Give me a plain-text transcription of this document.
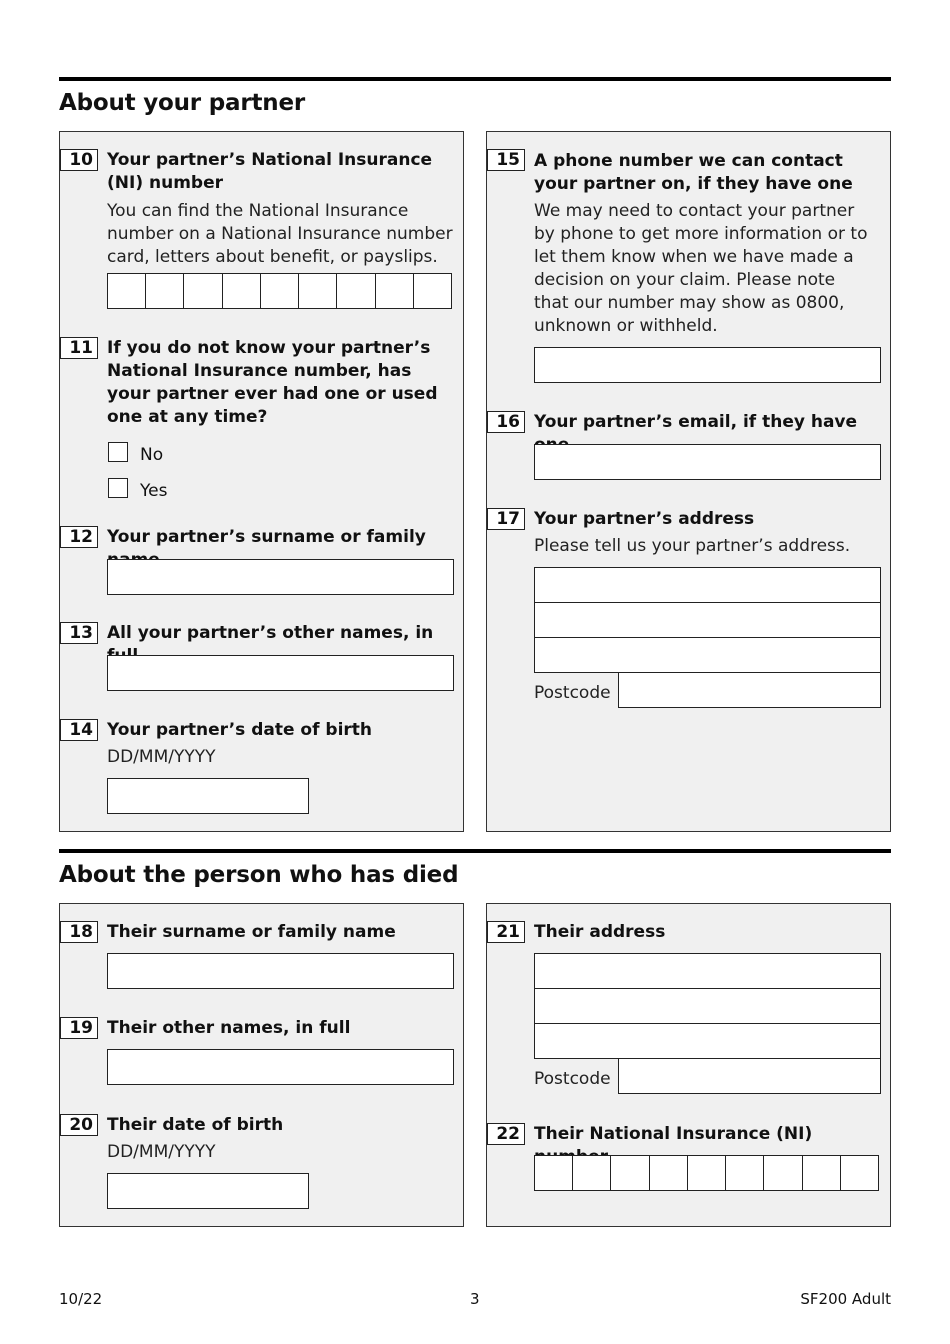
About your partner
10 Your partner’s National Insurance (NI) number

You can find the National Insurance number on a National Insurance number card, letters about benefit, or payslips.

11 If you do not know your partner’s National Insurance number, has your partner ever had one or used one at any time?

No
Yes
12 Your partner’s surname or family

13 All your partner’s other names, in

14 Your partner’s date of birth

DD/MM/YYYY

15 A phone number we can contact your partner on, if they have one

We may need to contact your partner by phone to get more information or to let them know when we have made a decision on your claim. Please note that our number may show as 0800, unknown or withheld.

16 Your partner’s email, if they have

17 Your partner’s address

Please tell us your partner’s address.

Postcode
About the person who has died
18 Their surname or family name

19 Their other names, in full

20 Their date of birth

DD/MM/YYYY

21 Their address

Postcode
22 Their National Insurance (NI)

10/22	3	SF200 Adult
